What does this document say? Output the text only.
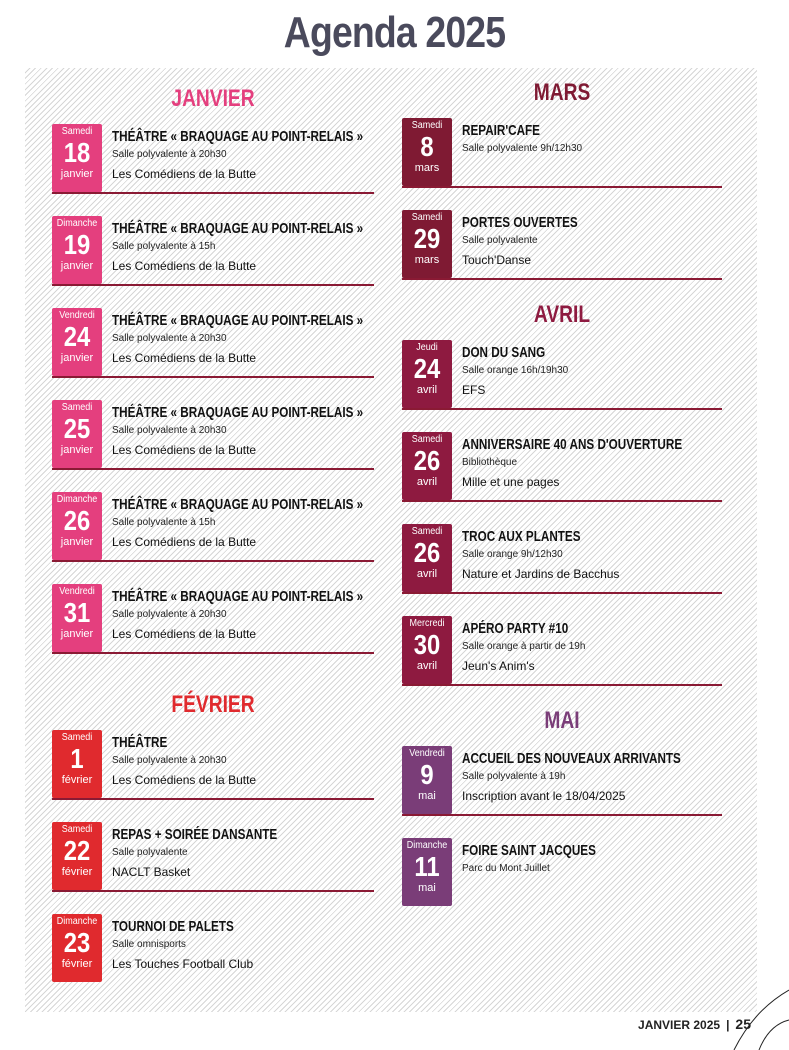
Agenda 2025
JANVIER
Samedi
18
janvier
THÉÂTRE « BRAQUAGE AU POINT-RELAIS »
Salle polyvalente à 20h30
Les Comédiens de la Butte
Dimanche
19
janvier
THÉÂTRE « BRAQUAGE AU POINT-RELAIS »
Salle polyvalente à 15h
Les Comédiens de la Butte
Vendredi
24
janvier
THÉÂTRE « BRAQUAGE AU POINT-RELAIS »
Salle polyvalente à 20h30
Les Comédiens de la Butte
Samedi
25
janvier
THÉÂTRE « BRAQUAGE AU POINT-RELAIS »
Salle polyvalente à 20h30
Les Comédiens de la Butte
Dimanche
26
janvier
THÉÂTRE « BRAQUAGE AU POINT-RELAIS »
Salle polyvalente à 15h
Les Comédiens de la Butte
Vendredi
31
janvier
THÉÂTRE « BRAQUAGE AU POINT-RELAIS »
Salle polyvalente à 20h30
Les Comédiens de la Butte
FÉVRIER
Samedi
1
février
THÉÂTRE
Salle polyvalente à 20h30
Les Comédiens de la Butte
Samedi
22
février
REPAS + SOIRÉE DANSANTE
Salle polyvalente
NACLT Basket
Dimanche
23
février
TOURNOI DE PALETS
Salle omnisports
Les Touches Football Club
MARS
Samedi
8
mars
REPAIR'CAFE
Salle polyvalente 9h/12h30
Samedi
29
mars
PORTES OUVERTES
Salle polyvalente
Touch'Danse
AVRIL
Jeudi
24
avril
DON DU SANG
Salle orange 16h/19h30
EFS
Samedi
26
avril
ANNIVERSAIRE 40 ANS D'OUVERTURE
Bibliothèque
Mille et une pages
Samedi
26
avril
TROC AUX PLANTES
Salle orange 9h/12h30
Nature et Jardins de Bacchus
Mercredi
30
avril
APÉRO PARTY #10
Salle orange à partir de 19h
Jeun's Anim's
MAI
Vendredi
9
mai
ACCUEIL DES NOUVEAUX ARRIVANTS
Salle polyvalente à 19h
Inscription avant le 18/04/2025
Dimanche
11
mai
FOIRE SAINT JACQUES
Parc du Mont Juillet
JANVIER 2025 | 25
